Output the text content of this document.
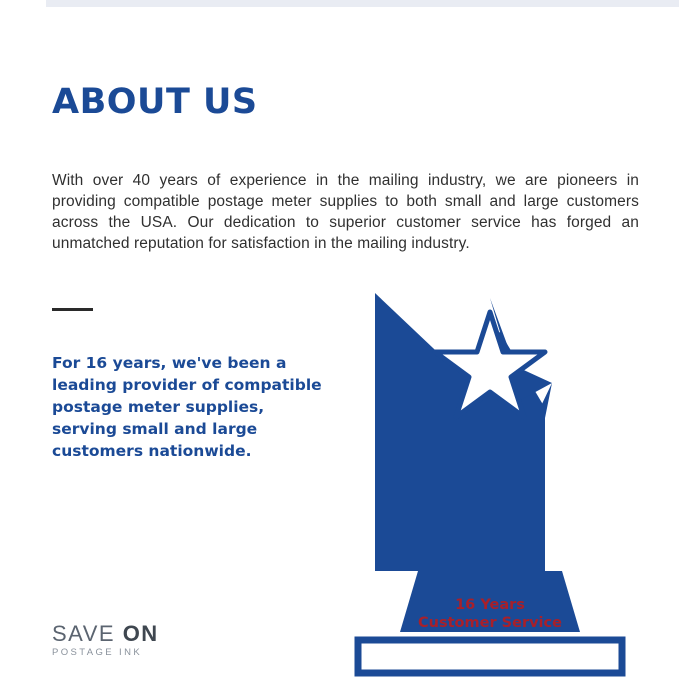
ABOUT US

With over 40 years of experience in the mailing industry, we are pioneers in providing compatible postage meter supplies to both small and large customers across the USA. Our dedication to superior customer service has forged an unmatched reputation for satisfaction in the mailing industry.

For 16 years, we've been a leading provider of compatible postage meter supplies, serving small and large customers nationwide.

16 Years
Customer Service
SAVE ON
POSTAGE INK
